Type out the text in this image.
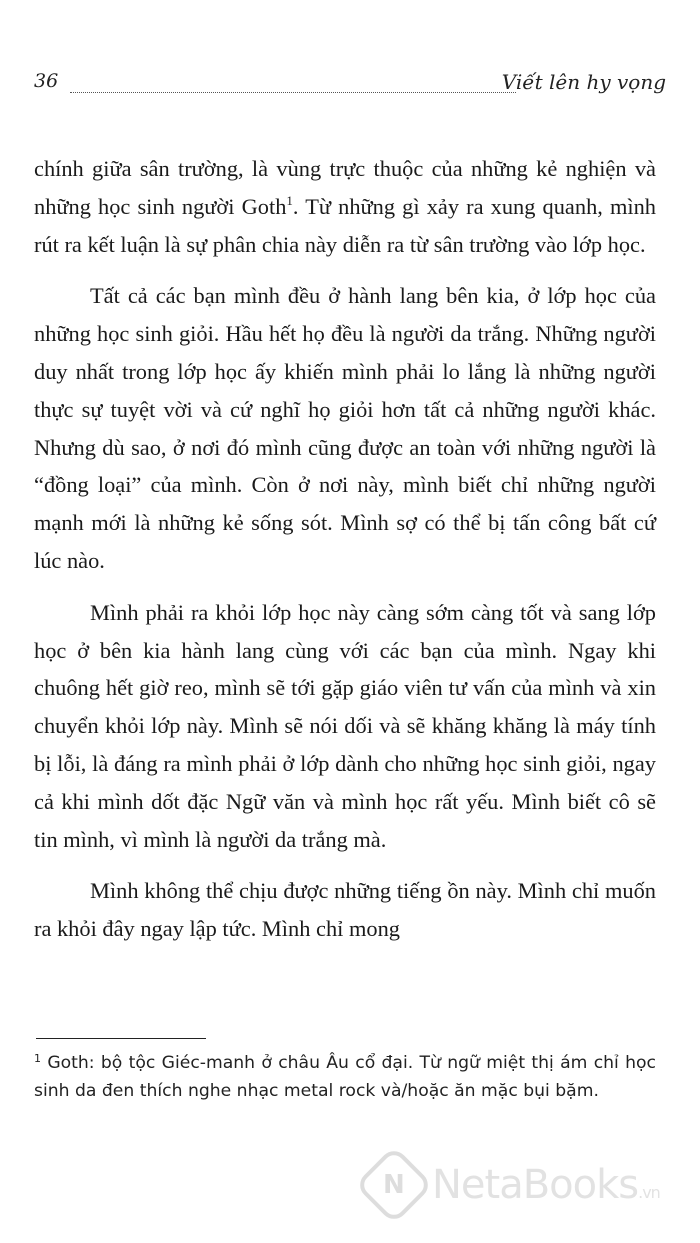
36	Viết lên hy vọng

chính giữa sân trường, là vùng trực thuộc của những kẻ nghiện và những học sinh người Goth$^1$. Từ những gì xảy ra xung quanh, mình rút ra kết luận là sự phân chia này diễn ra từ sân trường vào lớp học.

Tất cả các bạn mình đều ở hành lang bên kia, ở lớp học của những học sinh giỏi. Hầu hết họ đều là người da trắng. Những người duy nhất trong lớp học ấy khiến mình phải lo lắng là những người thực sự tuyệt vời và cứ nghĩ họ giỏi hơn tất cả những người khác. Nhưng dù sao, ở nơi đó mình cũng được an toàn với những người là “đồng loại” của mình. Còn ở nơi này, mình biết chỉ những người mạnh mới là những kẻ sống sót. Mình sợ có thể bị tấn công bất cứ lúc nào.

Mình phải ra khỏi lớp học này càng sớm càng tốt và sang lớp học ở bên kia hành lang cùng với các bạn của mình. Ngay khi chuông hết giờ reo, mình sẽ tới gặp giáo viên tư vấn của mình và xin chuyển khỏi lớp này. Mình sẽ nói dối và sẽ khăng khăng là máy tính bị lỗi, là đáng ra mình phải ở lớp dành cho những học sinh giỏi, ngay cả khi mình dốt đặc Ngữ văn và mình học rất yếu. Mình biết cô sẽ tin mình, vì mình là người da trắng mà.

Mình không thể chịu được những tiếng ồn này. Mình chỉ muốn ra khỏi đây ngay lập tức. Mình chỉ mong

$^1$ Goth: bộ tộc Giéc-manh ở châu Âu cổ đại. Từ ngữ miệt thị ám chỉ học sinh da đen thích nghe nhạc metal rock và/hoặc ăn mặc bụi bặm.
N NetaBooks.vn
